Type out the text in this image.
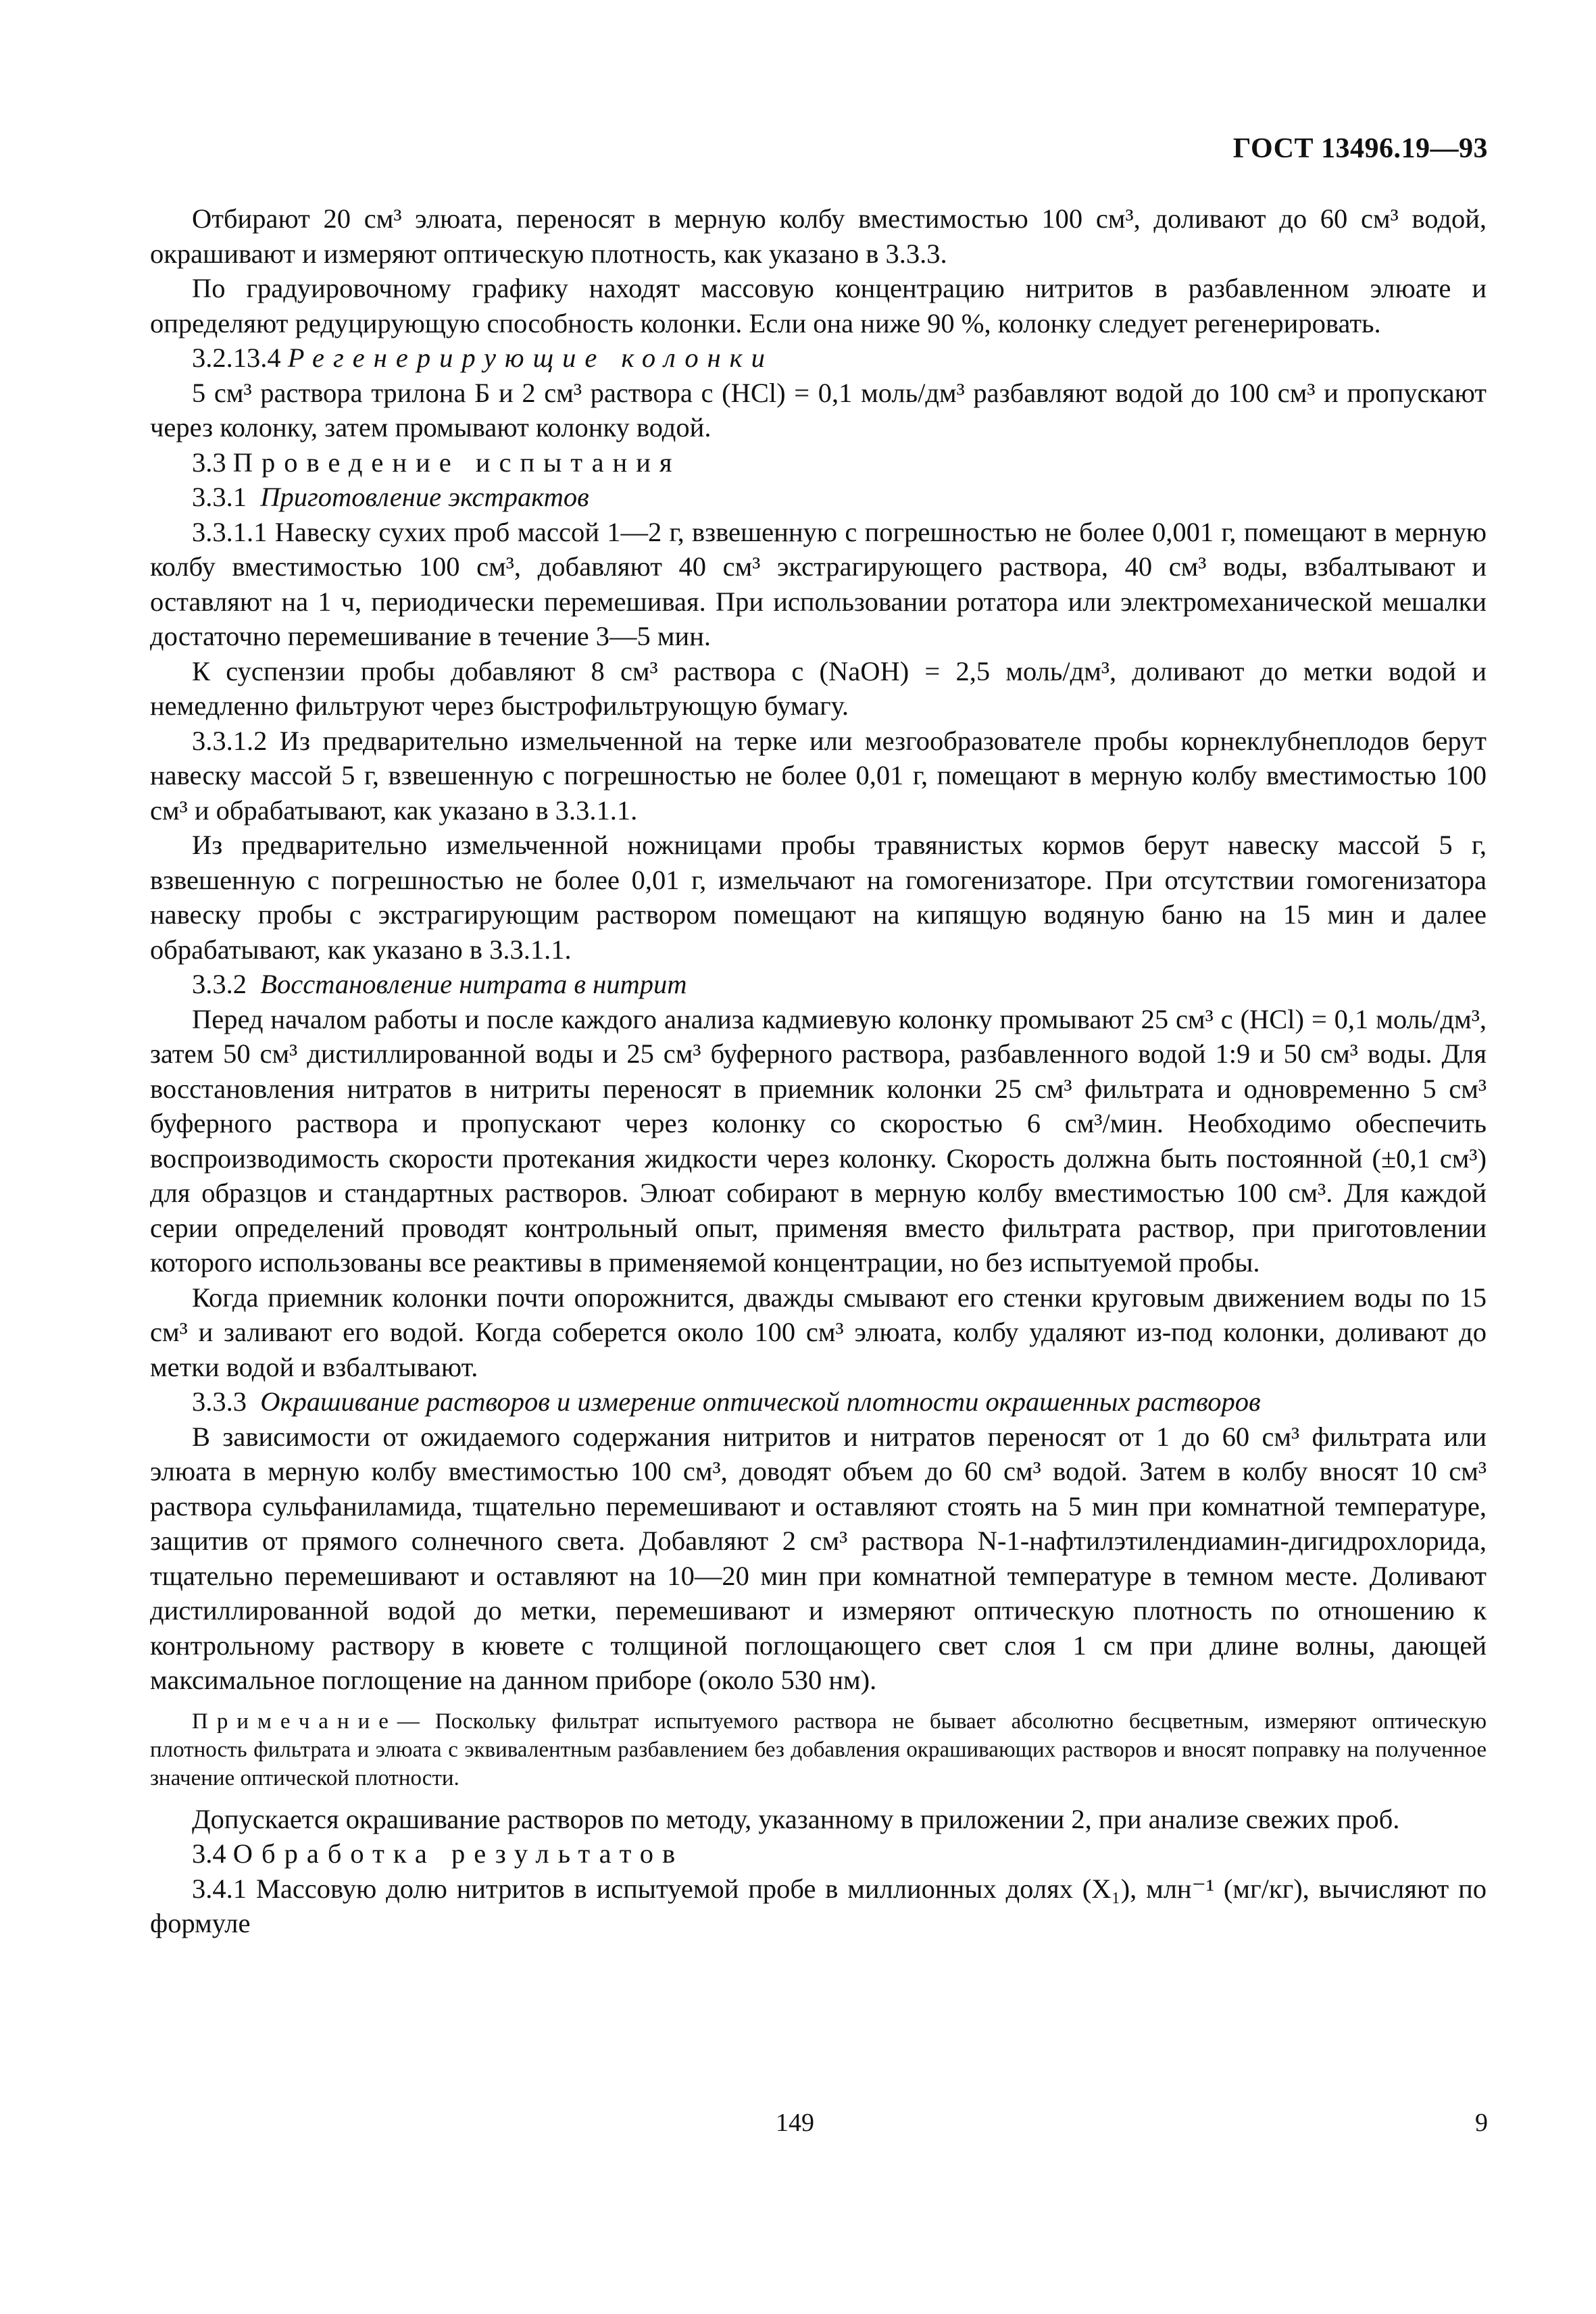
ГОСТ 13496.19—93

Отбирают 20 см³ элюата, переносят в мерную колбу вместимостью 100 см³, доливают до 60 см³ водой, окрашивают и измеряют оптическую плотность, как указано в 3.3.3.

По градуировочному графику находят массовую концентрацию нитритов в разбавленном элюате и определяют редуцирующую способность колонки. Если она ниже 90 %, колонку следует регенерировать.

3.2.13.4 Регенерирующие колонки

5 см³ раствора трилона Б и 2 см³ раствора c (HCl) = 0,1 моль/дм³ разбавляют водой до 100 см³ и пропускают через колонку, затем промывают колонку водой.

3.3 Проведение испытания

3.3.1 Приготовление экстрактов

3.3.1.1 Навеску сухих проб массой 1—2 г, взвешенную с погрешностью не более 0,001 г, помещают в мерную колбу вместимостью 100 см³, добавляют 40 см³ экстрагирующего раствора, 40 см³ воды, взбалтывают и оставляют на 1 ч, периодически перемешивая. При использовании ротатора или электромеханической мешалки достаточно перемешивание в течение 3—5 мин.

К суспензии пробы добавляют 8 см³ раствора c (NaOH) = 2,5 моль/дм³, доливают до метки водой и немедленно фильтруют через быстрофильтрующую бумагу.

3.3.1.2 Из предварительно измельченной на терке или мезгообразователе пробы корнеклубнеплодов берут навеску массой 5 г, взвешенную с погрешностью не более 0,01 г, помещают в мерную колбу вместимостью 100 см³ и обрабатывают, как указано в 3.3.1.1.

Из предварительно измельченной ножницами пробы травянистых кормов берут навеску массой 5 г, взвешенную с погрешностью не более 0,01 г, измельчают на гомогенизаторе. При отсутствии гомогенизатора навеску пробы с экстрагирующим раствором помещают на кипящую водяную баню на 15 мин и далее обрабатывают, как указано в 3.3.1.1.

3.3.2 Восстановление нитрата в нитрит

Перед началом работы и после каждого анализа кадмиевую колонку промывают 25 см³ c (HCl) = 0,1 моль/дм³, затем 50 см³ дистиллированной воды и 25 см³ буферного раствора, разбавленного водой 1:9 и 50 см³ воды. Для восстановления нитратов в нитриты переносят в приемник колонки 25 см³ фильтрата и одновременно 5 см³ буферного раствора и пропускают через колонку со скоростью 6 см³/мин. Необходимо обеспечить воспроизводимость скорости протекания жидкости через колонку. Скорость должна быть постоянной (±0,1 см³) для образцов и стандартных растворов. Элюат собирают в мерную колбу вместимостью 100 см³. Для каждой серии определений проводят контрольный опыт, применяя вместо фильтрата раствор, при приготовлении которого использованы все реактивы в применяемой концентрации, но без испытуемой пробы.

Когда приемник колонки почти опорожнится, дважды смывают его стенки круговым движением воды по 15 см³ и заливают его водой. Когда соберется около 100 см³ элюата, колбу удаляют из-под колонки, доливают до метки водой и взбалтывают.

3.3.3 Окрашивание растворов и измерение оптической плотности окрашенных растворов

В зависимости от ожидаемого содержания нитритов и нитратов переносят от 1 до 60 см³ фильтрата или элюата в мерную колбу вместимостью 100 см³, доводят объем до 60 см³ водой. Затем в колбу вносят 10 см³ раствора сульфаниламида, тщательно перемешивают и оставляют стоять на 5 мин при комнатной температуре, защитив от прямого солнечного света. Добавляют 2 см³ раствора N-1-нафтилэтилендиамин-дигидрохлорида, тщательно перемешивают и оставляют на 10—20 мин при комнатной температуре в темном месте. Доливают дистиллированной водой до метки, перемешивают и измеряют оптическую плотность по отношению к контрольному раствору в кювете с толщиной поглощающего свет слоя 1 см при длине волны, дающей максимальное поглощение на данном приборе (около 530 нм).

Примечание— Поскольку фильтрат испытуемого раствора не бывает абсолютно бесцветным, измеряют оптическую плотность фильтрата и элюата с эквивалентным разбавлением без добавления окрашивающих растворов и вносят поправку на полученное значение оптической плотности.

Допускается окрашивание растворов по методу, указанному в приложении 2, при анализе свежих проб.

3.4 Обработка результатов

3.4.1 Массовую долю нитритов в испытуемой пробе в миллионных долях (X₁), млн⁻¹ (мг/кг), вычисляют по формуле

149	9
